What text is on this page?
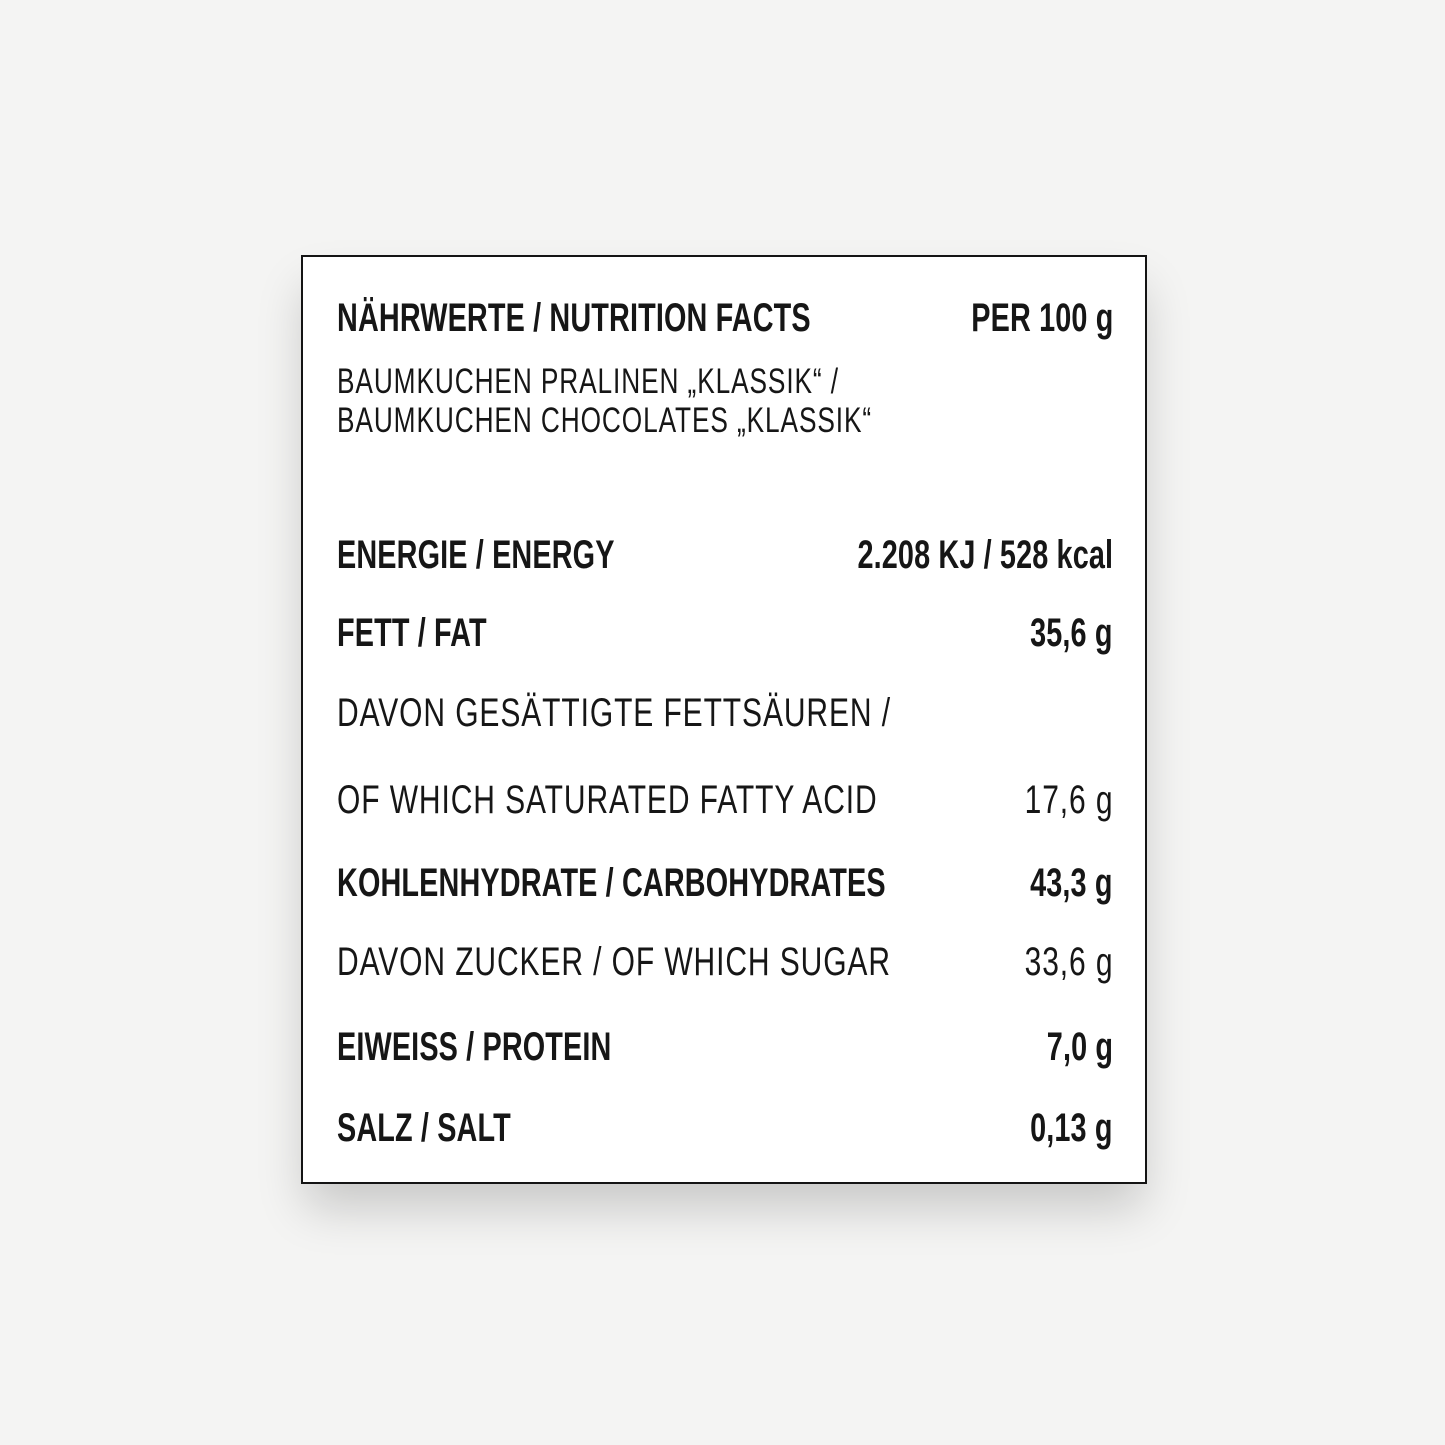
NÄHRWERTE / NUTRITION FACTS	PER 100 g
BAUMKUCHEN PRALINEN „KLASSIK“ /
BAUMKUCHEN CHOCOLATES „KLASSIK“
ENERGIE / ENERGY	2.208 KJ / 528 kcal
FETT / FAT	35,6 g
DAVON GESÄTTIGTE FETTSÄUREN /
OF WHICH SATURATED FATTY ACID	17,6 g
KOHLENHYDRATE / CARBOHYDRATES	43,3 g
DAVON ZUCKER / OF WHICH SUGAR	33,6 g
EIWEISS / PROTEIN	7,0 g
SALZ / SALT	0,13 g
